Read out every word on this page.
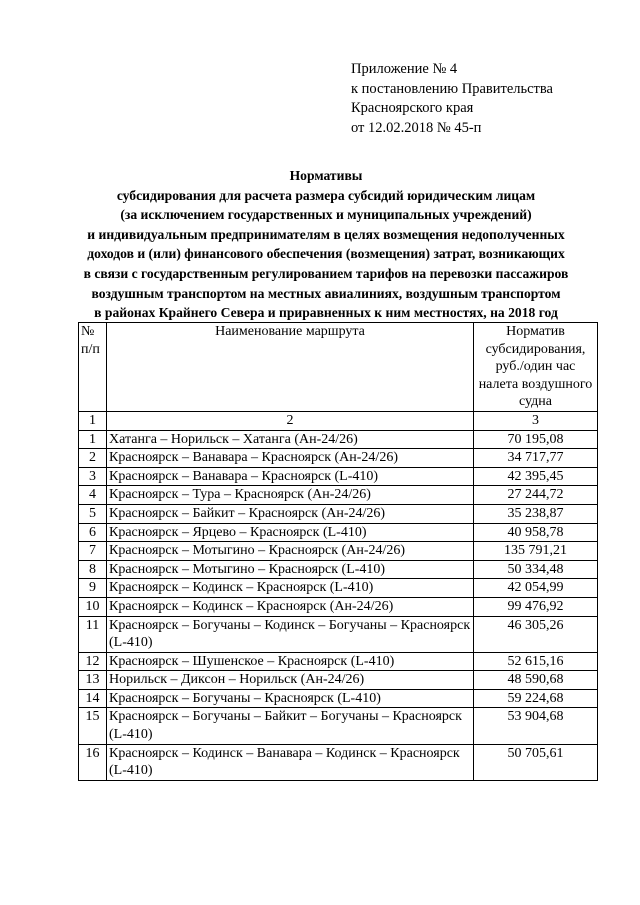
Приложение № 4
к постановлению Правительства
Красноярского края
от 12.02.2018 № 45-п
Нормативы
субсидирования для расчета размера субсидий юридическим лицам
(за исключением государственных и муниципальных учреждений)
и индивидуальным предпринимателям в целях возмещения недополученных
доходов и (или) финансового обеспечения (возмещения) затрат, возникающих
в связи с государственным регулированием тарифов на перевозки пассажиров
воздушным транспортом на местных авиалиниях, воздушным транспортом
в районах Крайнего Севера и приравненных к ним местностях, на 2018 год
№ п/п	Наименование маршрута	Норматив субсидирования, руб./один час налета воздушного судна
1	2	3
1	Хатанга – Норильск – Хатанга (Ан-24/26)	70 195,08
2	Красноярск – Ванавара – Красноярск (Ан-24/26)	34 717,77
3	Красноярск – Ванавара – Красноярск (L-410)	42 395,45
4	Красноярск – Тура – Красноярск (Ан-24/26)	27 244,72
5	Красноярск – Байкит – Красноярск (Ан-24/26)	35 238,87
6	Красноярск – Ярцево – Красноярск (L-410)	40 958,78
7	Красноярск – Мотыгино – Красноярск (Ан-24/26)	135 791,21
8	Красноярск – Мотыгино – Красноярск (L-410)	50 334,48
9	Красноярск – Кодинск – Красноярск (L-410)	42 054,99
10	Красноярск – Кодинск – Красноярск (Ан-24/26)	99 476,92
11	Красноярск – Богучаны – Кодинск – Богучаны – Красноярск (L-410)	46 305,26
12	Красноярск – Шушенское – Красноярск (L-410)	52 615,16
13	Норильск – Диксон – Норильск (Ан-24/26)	48 590,68
14	Красноярск – Богучаны – Красноярск (L-410)	59 224,68
15	Красноярск – Богучаны – Байкит – Богучаны – Красноярск (L-410)	53 904,68
16	Красноярск – Кодинск – Ванавара – Кодинск – Красноярск (L-410)	50 705,61
